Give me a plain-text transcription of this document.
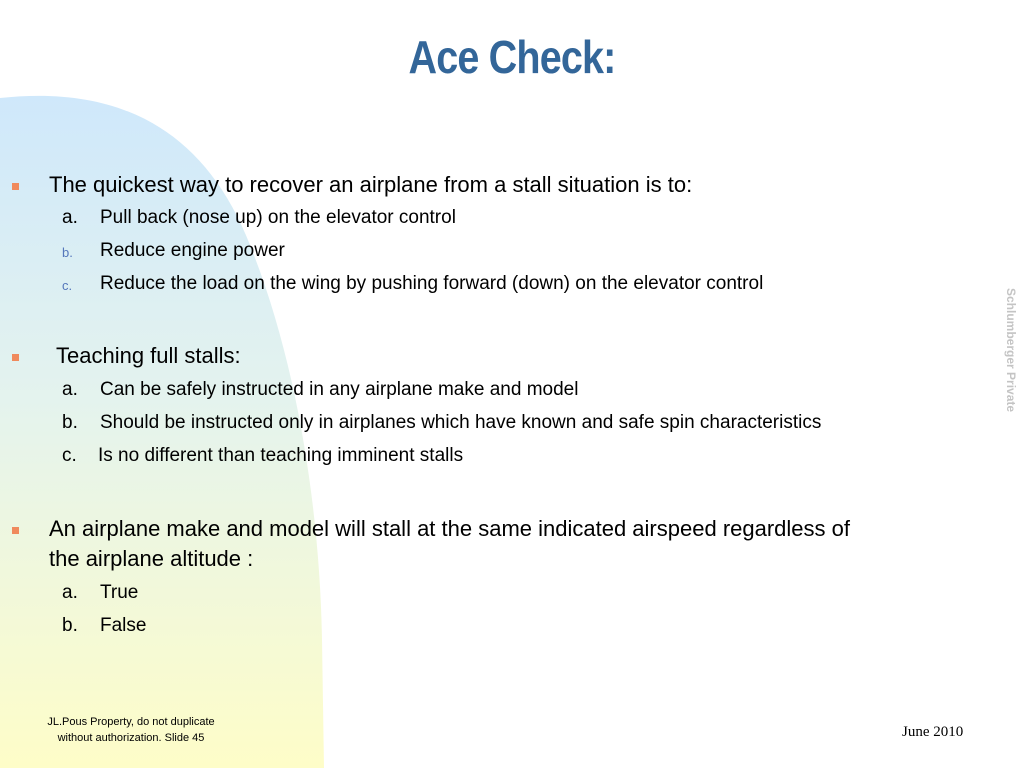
Ace Check:
Schlumberger Private
The quickest way to recover an airplane from a stall situation is to:
a. Pull back (nose up) on the elevator control
b. Reduce engine power
c. Reduce the load on the wing by pushing forward (down) on the elevator control
Teaching full stalls:
a. Can be safely instructed in any airplane make and model
b. Should be instructed only in airplanes which have known and safe spin characteristics
c. Is no different than teaching imminent stalls
An airplane make and model will stall at the same indicated airspeed regardless of
the airplane altitude :
a. True
b. False
JL.Pous Property, do not duplicate
without authorization. Slide 45	June 2010
